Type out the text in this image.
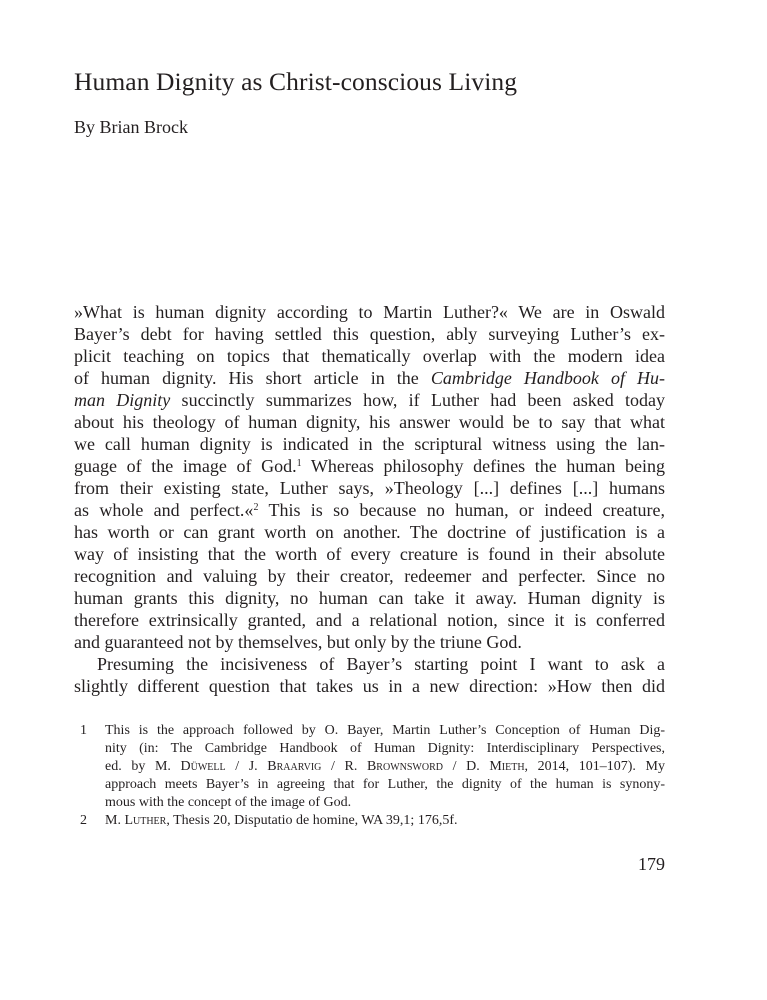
Human Dignity as Christ-conscious Living
By Brian Brock
»What is human dignity according to Martin Luther?« We are in Oswald
Bayer’s debt for having settled this question, ably surveying Luther’s ex-
plicit teaching on topics that thematically overlap with the modern idea
of human dignity. His short article in the Cambridge Handbook of Hu-
man Dignity succinctly summarizes how, if Luther had been asked today
about his theology of human dignity, his answer would be to say that what
we call human dignity is indicated in the scriptural witness using the lan-
guage of the image of God.$^1$ Whereas philosophy defines the human being
from their existing state, Luther says, »Theology [...] defines [...] humans
as whole and perfect.«$^2$ This is so because no human, or indeed creature,
has worth or can grant worth on another. The doctrine of justification is a
way of insisting that the worth of every creature is found in their absolute
recognition and valuing by their creator, redeemer and perfecter. Since no
human grants this dignity, no human can take it away. Human dignity is
therefore extrinsically granted, and a relational notion, since it is conferred
and guaranteed not by themselves, but only by the triune God.
Presuming the incisiveness of Bayer’s starting point I want to ask a
slightly different question that takes us in a new direction: »How then did
1 This is the approach followed by O. Bayer, Martin Luther’s Conception of Human Dig-
nity (in: The Cambridge Handbook of Human Dignity: Interdisciplinary Perspectives,
ed. by M. Düwell / J. Braarvig / R. Brownsword / D. Mieth, 2014, 101–107). My
approach meets Bayer’s in agreeing that for Luther, the dignity of the human is synony-
mous with the concept of the image of God.
2 M. Luther, Thesis 20, Disputatio de homine, WA 39,1; 176,5f.
179
